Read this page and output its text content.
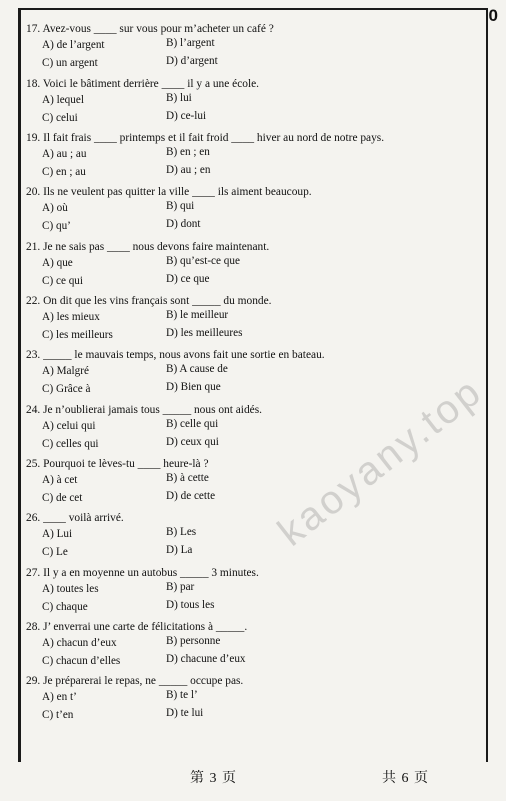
0
17. Avez-vous ____ sur vous pour m’acheter un café ?
A) de l’argent	B) l’argent
C) un argent	D) d’argent
18. Voici le bâtiment derrière ____ il y a une école.
A) lequel	B) lui
C) celui	D) ce-lui
19. Il fait frais ____ printemps et il fait froid ____ hiver au nord de notre pays.
A) au ; au	B) en ; en
C) en ; au	D) au ; en
20. Ils ne veulent pas quitter la ville ____ ils aiment beaucoup.
A) où	B) qui
C) qu’	D) dont
21. Je ne sais pas ____ nous devons faire maintenant.
A) que	B) qu’est-ce que
C) ce qui	D) ce que
22. On dit que les vins français sont _____ du monde.
A) les mieux	B) le meilleur
C) les meilleurs	D) les meilleures
23. _____ le mauvais temps, nous avons fait une sortie en bateau.
A) Malgré	B) A cause de
C) Grâce à	D) Bien que
24. Je n’oublierai jamais tous _____ nous ont aidés.
A) celui qui	B) celle qui
C) celles qui	D) ceux qui
25. Pourquoi te lèves-tu ____ heure-là ?
A) à cet	B) à cette
C) de cet	D) de cette
26. ____ voilà arrivé.
A) Lui	B) Les
C) Le	D) La
27. Il y a en moyenne un autobus _____ 3 minutes.
A) toutes les	B) par
C) chaque	D) tous les
28. J’ enverrai une carte de félicitations à _____.
A) chacun d’eux	B) personne
C) chacun d’elles	D) chacune d’eux
29. Je préparerai le repas, ne _____ occupe pas.
A) en t’	B) te l’
C) t’en	D) te lui
kaoyany.top
第 3 页	共 6 页
